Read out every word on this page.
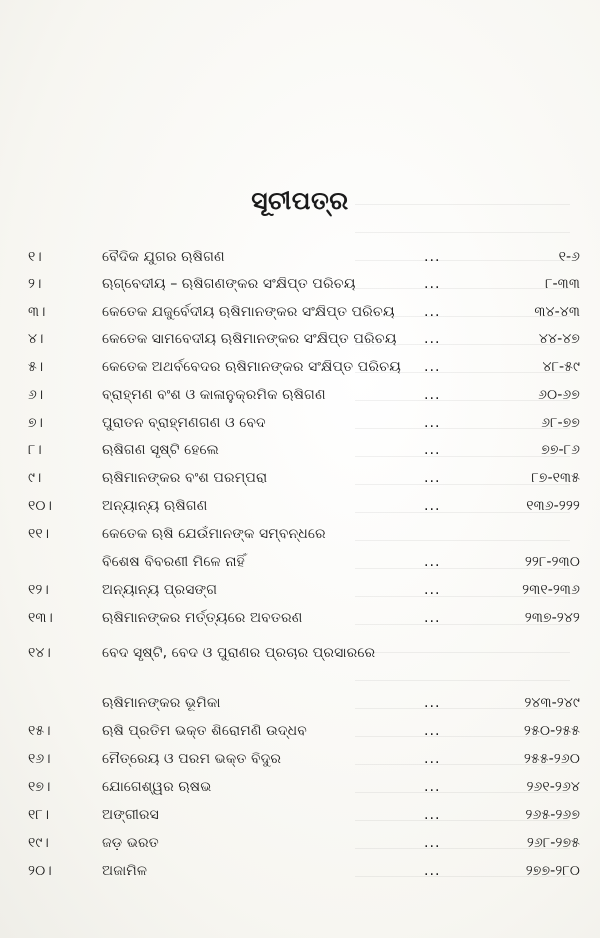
ସୂଚୀପତ୍ର
୧।	ବୈଦିକ ଯୁଗର ଋଷିଗଣ	...	୧-୬
୨।	ଋଗ୍‌ବେଦୀୟ – ଋଷିଗଣଙ୍କର ସଂକ୍ଷିପ୍ତ ପରିଚୟ	...	୮-୩୩
୩।	କେତେକ ଯଜୁର୍ବେଦୀୟ ଋଷିମାନଙ୍କର ସଂକ୍ଷିପ୍ତ ପରିଚୟ ...	୩୪-୪୩
୪।	କେତେକ ସାମବେଦୀୟ ଋଷିମାନଙ୍କର ସଂକ୍ଷିପ୍ତ ପରିଚୟ ...	୪୪-୪୭
୫।	କେତେକ ଅଥର୍ବବେଦର ଋଷିମାନଙ୍କର ସଂକ୍ଷିପ୍ତ ପରିଚୟ ...	୪୮-୫୯
୬।	ବ୍ରାହ୍ମଣ ବଂଶ ଓ କାଳାନୁକ୍ରମିକ ଋଷିଗଣ	...	୬୦-୬୭
୭।	ପୁରାତନ ବ୍ରାହ୍ମଣଗଣ ଓ ବେଦ	...	୬୮-୭୭
୮।	ଋଷିଗଣ ସୃଷ୍ଟି ହେଲେ	...	୭୭-୮୬
୯।	ଋଷିମାନଙ୍କର ବଂଶ ପରମ୍ପରା	...	୮୭-୧୩୫
୧୦।	ଅନ୍ୟାନ୍ୟ ଋଷିଗଣ	...	୧୩୬-୨୨୨
୧୧।	କେତେକ ଋଷି ଯେଉଁମାନଙ୍କ ସମ୍ବନ୍ଧରେ
ବିଶେଷ ବିବରଣୀ ମିଳେ ନାହିଁ	...	୨୨୮-୨୩୦
୧୨।	ଅନ୍ୟାନ୍ୟ ପ୍ରସଙ୍ଗ	...	୨୩୧-୨୩୬
୧୩।	ଋଷିମାନଙ୍କର ମର୍ତ୍ତ୍ୟରେ ଅବତରଣ	...	୨୩୭-୨୪୨
୧୪।	ବେଦ ସୃଷ୍ଟି, ବେଦ ଓ ପୁରାଣର ପ୍ରଚାର ପ୍ରସାରରେ
ଋଷିମାନଙ୍କର ଭୂମିକା	...	୨୪୩-୨୪୯
୧୫।	ଋଷି ପ୍ରତିମ ଭକ୍ତ ଶିରୋମଣି ଉଦ୍ଧବ	...	୨୫୦-୨୫୫
୧୬।	ମୈତ୍ରେୟ ଓ ପରମ ଭକ୍ତ ବିଦୁର	...	୨୫୫-୨୬୦
୧୭।	ଯୋଗେଶ୍ୱର ଋଷଭ	...	୨୬୧-୨୬୪
୧୮।	ଅଙ୍ଗୀରସ	...	୨୬୫-୨୬୭
୧୯।	ଜଡ଼ ଭରତ	...	୨୬୮-୨୭୫
୨୦।	ଅଜାମିଳ	...	୨୭୭-୨୮୦
